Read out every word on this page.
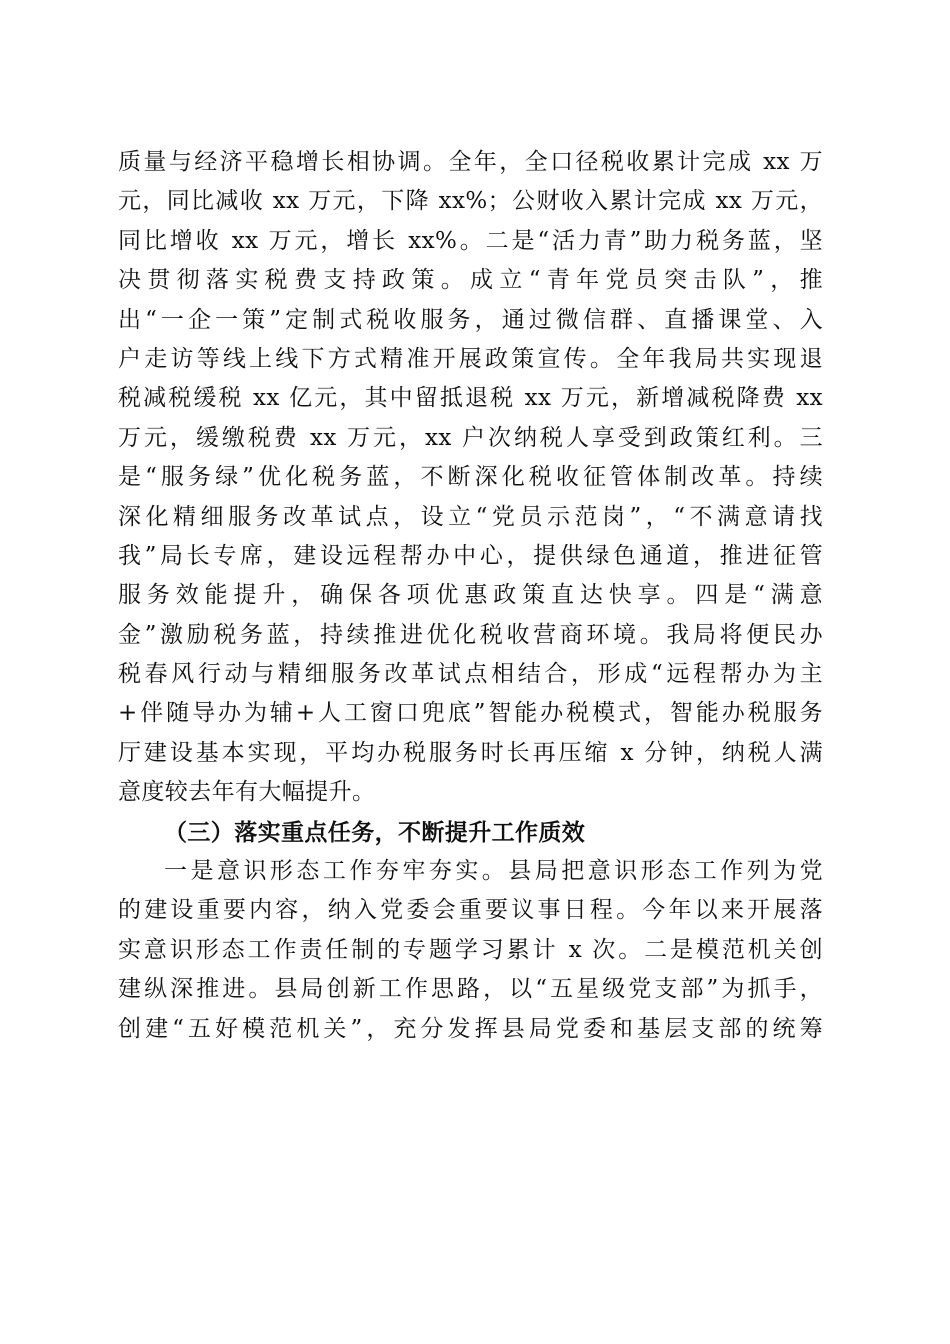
质量与经济平稳增长相协调。全年，全口径税收累计完成 xx 万
元，同比减收 xx 万元，下降 xx%；公财收入累计完成 xx 万元，
同比增收 xx 万元，增长 xx%。二是“活力青”助力税务蓝，坚
决贯彻落实税费支持政策。成立“青年党员突击队”，推
出“一企一策”定制式税收服务，通过微信群、直播课堂、入
户走访等线上线下方式精准开展政策宣传。全年我局共实现退
税减税缓税 xx 亿元，其中留抵退税 xx 万元，新增减税降费 xx
万元，缓缴税费 xx 万元，xx 户次纳税人享受到政策红利。三
是“服务绿”优化税务蓝，不断深化税收征管体制改革。持续
深化精细服务改革试点，设立“党员示范岗”，“不满意请找
我”局长专席，建设远程帮办中心，提供绿色通道，推进征管
服务效能提升，确保各项优惠政策直达快享。四是“满意
金”激励税务蓝，持续推进优化税收营商环境。我局将便民办
税春风行动与精细服务改革试点相结合，形成“远程帮办为主
+伴随导办为辅+人工窗口兜底”智能办税模式，智能办税服务
厅建设基本实现，平均办税服务时长再压缩 x 分钟，纳税人满
意度较去年有大幅提升。
（三）落实重点任务，不断提升工作质效
一是意识形态工作夯牢夯实。县局把意识形态工作列为党
的建设重要内容，纳入党委会重要议事日程。今年以来开展落
实意识形态工作责任制的专题学习累计 x 次。二是模范机关创
建纵深推进。县局创新工作思路，以“五星级党支部”为抓手，
创建“五好模范机关”，充分发挥县局党委和基层支部的统筹
